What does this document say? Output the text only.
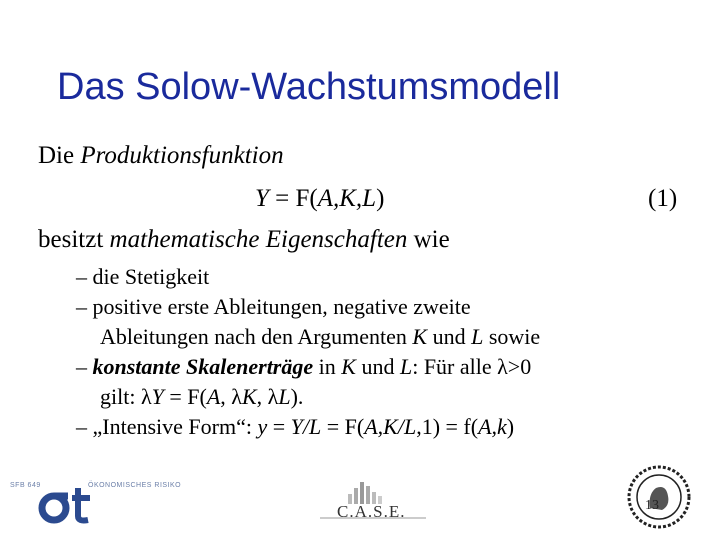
Das Solow-Wachstumsmodell
Die Produktionsfunktion
Y = F(A,K,L)	(1)
besitzt mathematische Eigenschaften wie
– die Stetigkeit
– positive erste Ableitungen, negative zweite
Ableitungen nach den Argumenten K und L sowie
– konstante Skalenerträge in K und L: Für alle λ>0
gilt: λY = F(A, λK, λL).
– „Intensive Form“: y = Y/L = F(A,K/L,1) = f(A,k)
SFB 649	ÖKONOMISCHES RISIKO
C.A.S.E.	13
